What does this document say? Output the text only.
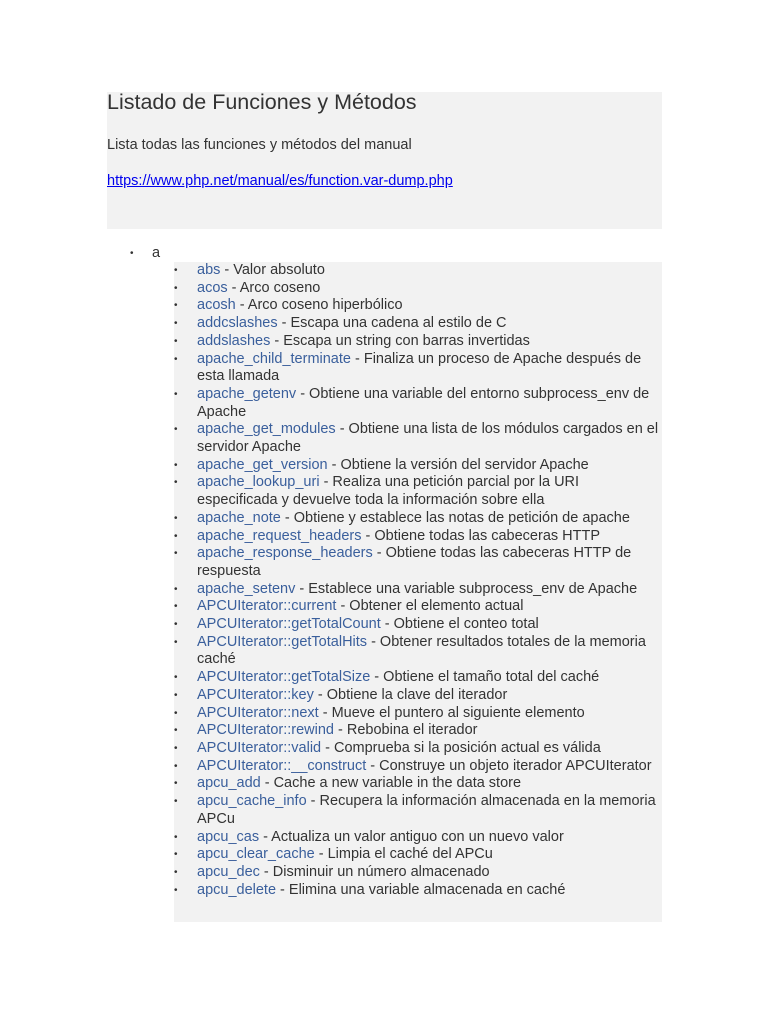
Listado de Funciones y Métodos
Lista todas las funciones y métodos del manual
https://www.php.net/manual/es/function.var-dump.php
•	a
•	abs - Valor absoluto
•	acos - Arco coseno
•	acosh - Arco coseno hiperbólico
•	addcslashes - Escapa una cadena al estilo de C
•	addslashes - Escapa un string con barras invertidas
•	apache_child_terminate - Finaliza un proceso de Apache después de esta llamada
•	apache_getenv - Obtiene una variable del entorno subprocess_env de Apache
•	apache_get_modules - Obtiene una lista de los módulos cargados en el servidor Apache
•	apache_get_version - Obtiene la versión del servidor Apache
•	apache_lookup_uri - Realiza una petición parcial por la URI especificada y devuelve toda la información sobre ella
•	apache_note - Obtiene y establece las notas de petición de apache
•	apache_request_headers - Obtiene todas las cabeceras HTTP
•	apache_response_headers - Obtiene todas las cabeceras HTTP de respuesta
•	apache_setenv - Establece una variable subprocess_env de Apache
•	APCUIterator::current - Obtener el elemento actual
•	APCUIterator::getTotalCount - Obtiene el conteo total
•	APCUIterator::getTotalHits - Obtener resultados totales de la memoria caché
•	APCUIterator::getTotalSize - Obtiene el tamaño total del caché
•	APCUIterator::key - Obtiene la clave del iterador
•	APCUIterator::next - Mueve el puntero al siguiente elemento
•	APCUIterator::rewind - Rebobina el iterador
•	APCUIterator::valid - Comprueba si la posición actual es válida
•	APCUIterator::__construct - Construye un objeto iterador APCUIterator
•	apcu_add - Cache a new variable in the data store
•	apcu_cache_info - Recupera la información almacenada en la memoria APCu
•	apcu_cas - Actualiza un valor antiguo con un nuevo valor
•	apcu_clear_cache - Limpia el caché del APCu
•	apcu_dec - Disminuir un número almacenado
•	apcu_delete - Elimina una variable almacenada en caché
